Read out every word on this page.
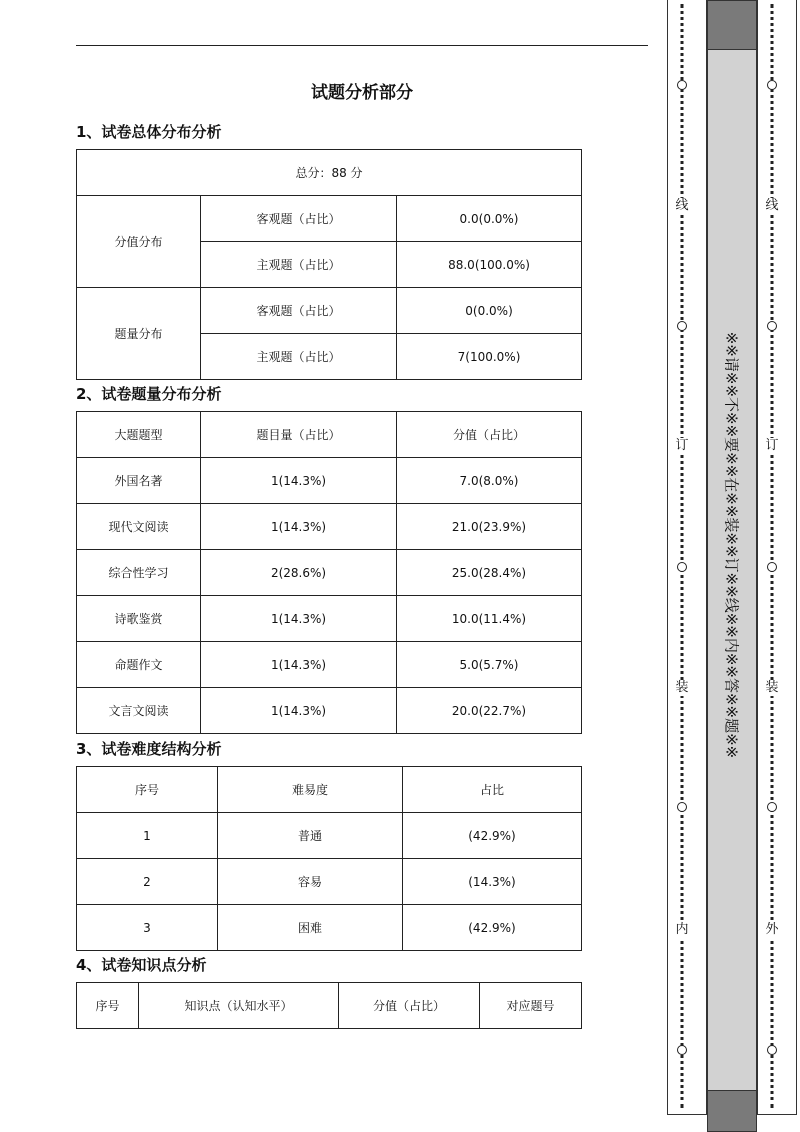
试题分析部分
1、试卷总体分布分析
总分：88 分		
分值分布	客观题（占比）	0.0(0.0%)
	主观题（占比）	88.0(100.0%)
题量分布	客观题（占比）	0(0.0%)
	主观题（占比）	7(100.0%)
2、试卷题量分布分析
大题题型	题目量（占比）	分值（占比）
外国名著	1(14.3%)	7.0(8.0%)
现代文阅读	1(14.3%)	21.0(23.9%)
综合性学习	2(28.6%)	25.0(28.4%)
诗歌鉴赏	1(14.3%)	10.0(11.4%)
命题作文	1(14.3%)	5.0(5.7%)
文言文阅读	1(14.3%)	20.0(22.7%)
3、试卷难度结构分析
序号	难易度	占比
1	普通	(42.9%)
2	容易	(14.3%)
3	困难	(42.9%)
4、试卷知识点分析
序号	知识点（认知水平）	分值（占比）	对应题号
※※请※※不※※要※※在※※装※※订※※线※※内※※答※※题※※
线
订
装
内
线
订
装
外
